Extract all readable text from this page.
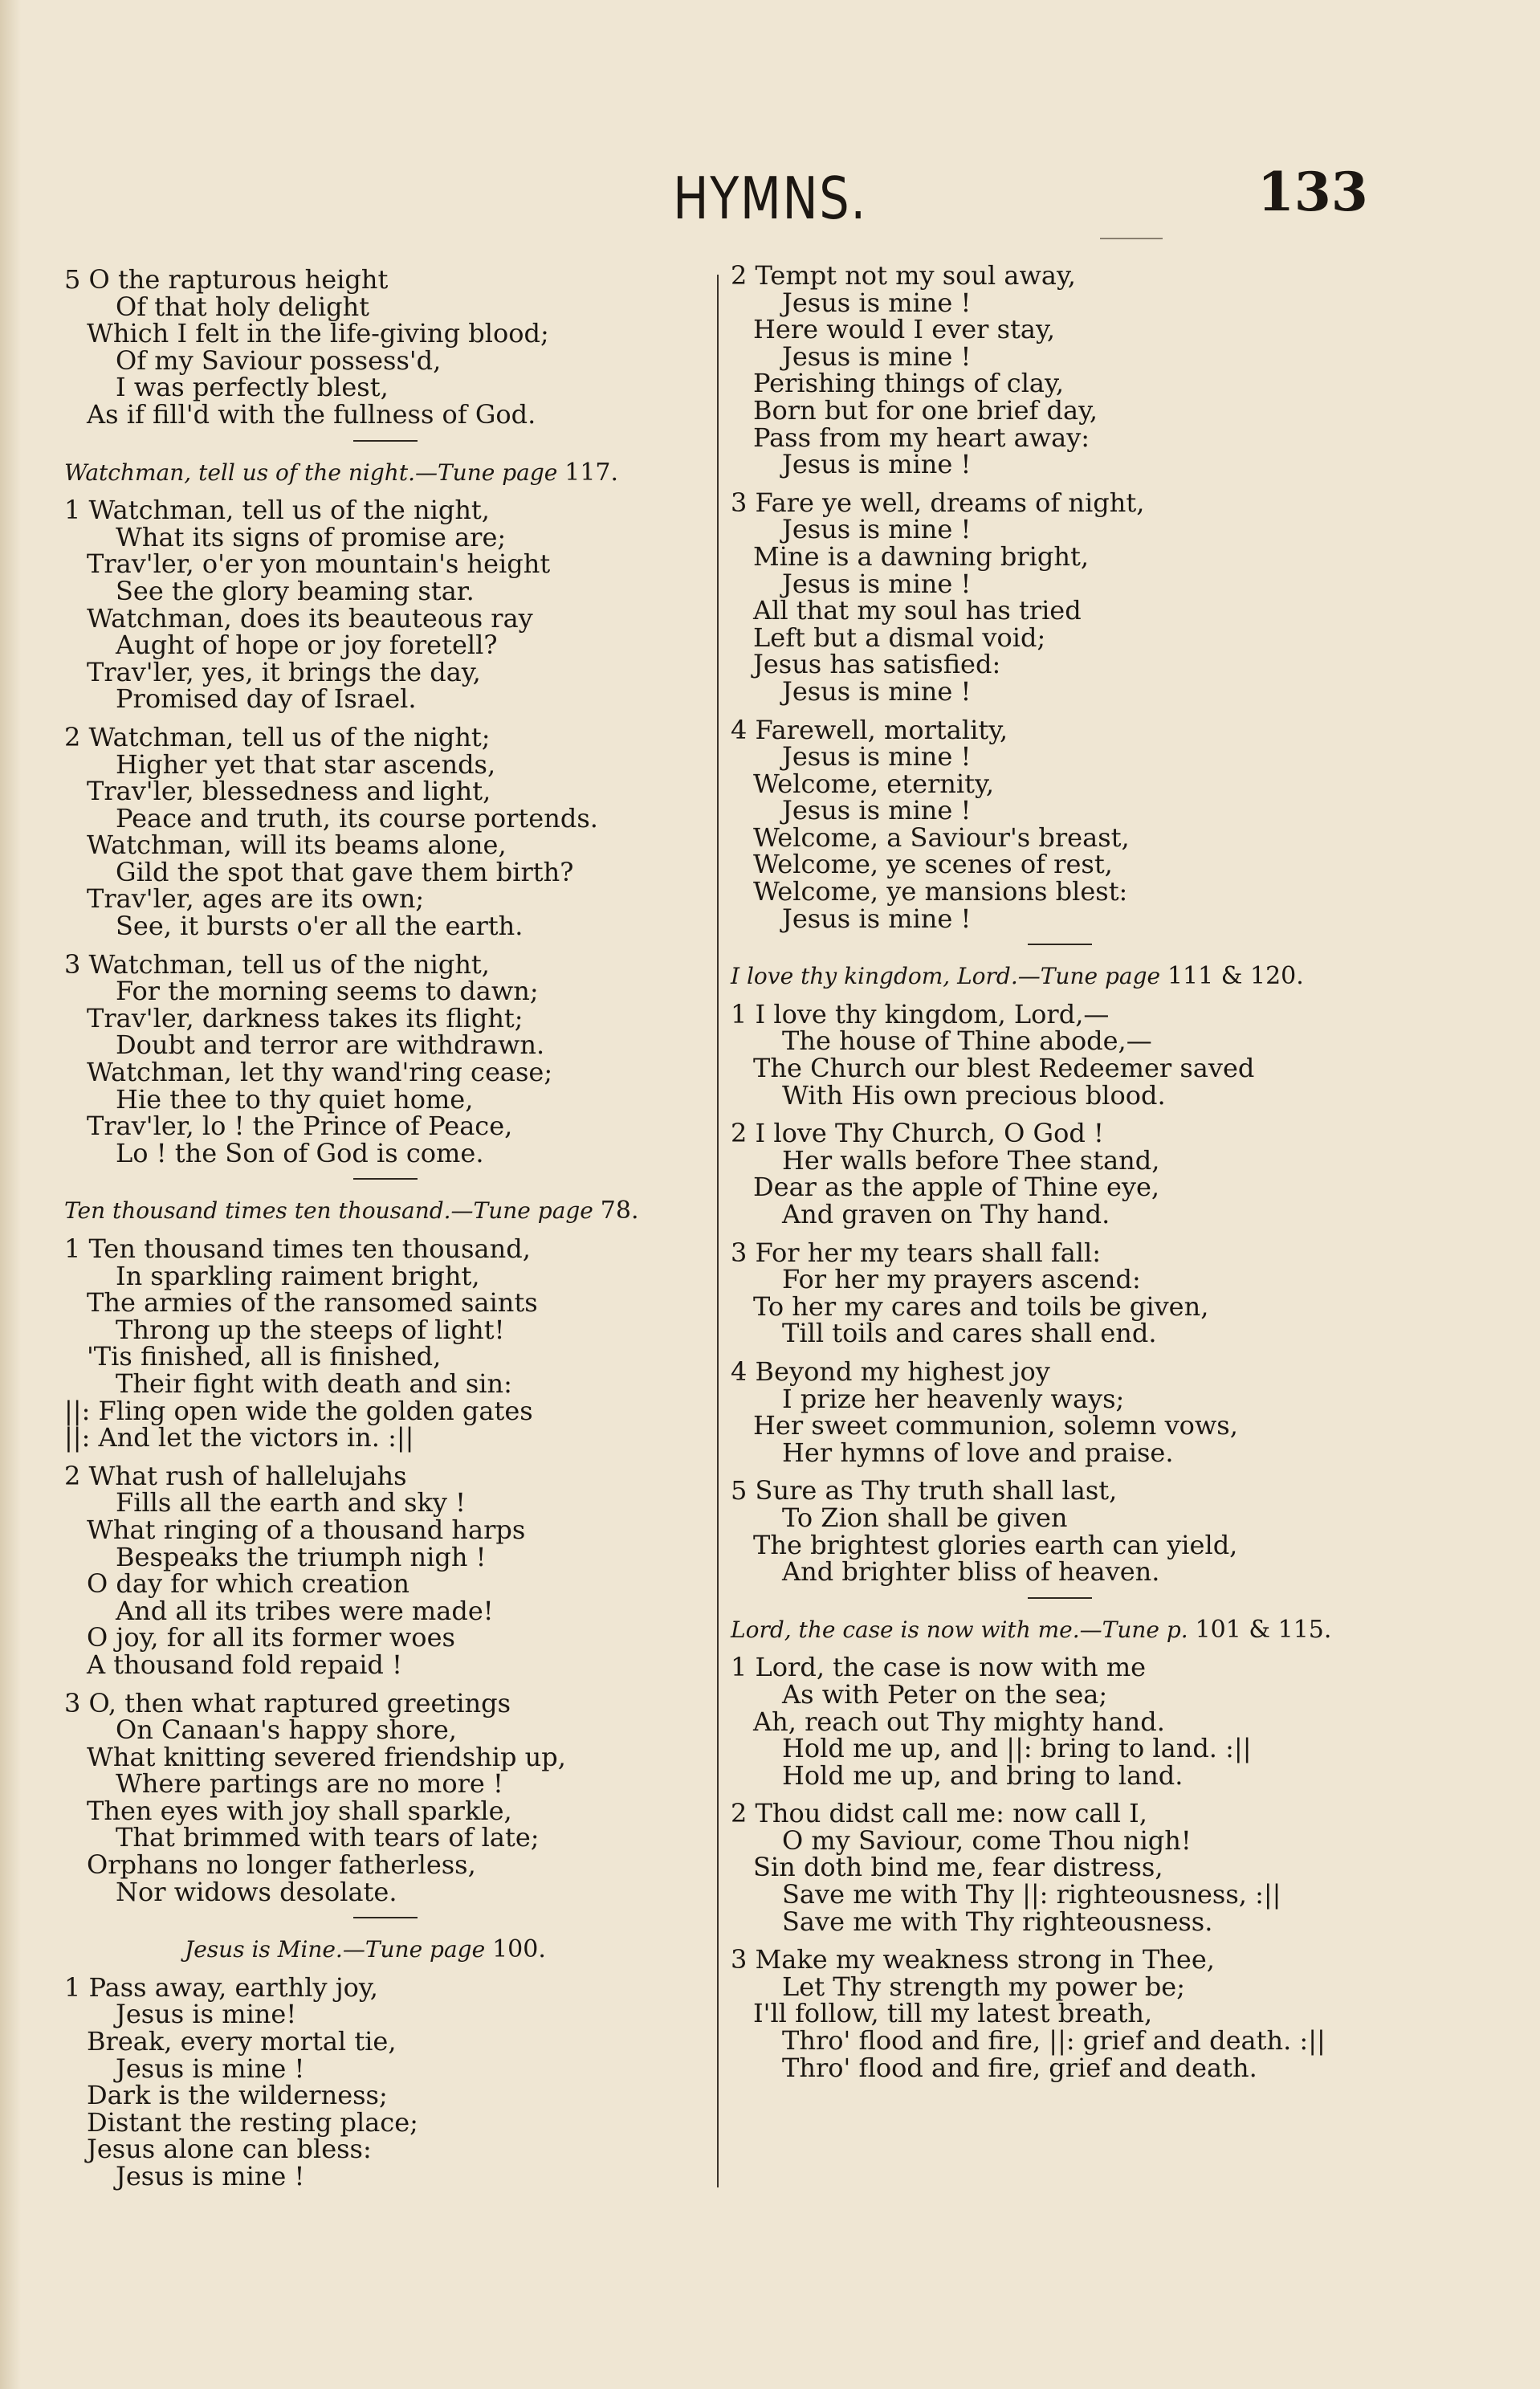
HYMNS.	133
5 O the rapturous height
Of that holy delight
Which I felt in the life-giving blood;
Of my Saviour possess'd,
I was perfectly blest,
As if fill'd with the fullness of God.
Watchman, tell us of the night.—Tune page 117.
1 Watchman, tell us of the night,
What its signs of promise are;
Trav'ler, o'er yon mountain's height
See the glory beaming star.
Watchman, does its beauteous ray
Aught of hope or joy foretell?
Trav'ler, yes, it brings the day,
Promised day of Israel.
2 Watchman, tell us of the night;
Higher yet that star ascends,
Trav'ler, blessedness and light,
Peace and truth, its course portends.
Watchman, will its beams alone,
Gild the spot that gave them birth?
Trav'ler, ages are its own;
See, it bursts o'er all the earth.
3 Watchman, tell us of the night,
For the morning seems to dawn;
Trav'ler, darkness takes its flight;
Doubt and terror are withdrawn.
Watchman, let thy wand'ring cease;
Hie thee to thy quiet home,
Trav'ler, lo ! the Prince of Peace,
Lo ! the Son of God is come.
Ten thousand times ten thousand.—Tune page 78.
1 Ten thousand times ten thousand,
In sparkling raiment bright,
The armies of the ransomed saints
Throng up the steeps of light!
'Tis finished, all is finished,
Their fight with death and sin:
||: Fling open wide the golden gates
||: And let the victors in. :||
2 What rush of hallelujahs
Fills all the earth and sky !
What ringing of a thousand harps
Bespeaks the triumph nigh !
O day for which creation
And all its tribes were made!
O joy, for all its former woes
A thousand fold repaid !
3 O, then what raptured greetings
On Canaan's happy shore,
What knitting severed friendship up,
Where partings are no more !
Then eyes with joy shall sparkle,
That brimmed with tears of late;
Orphans no longer fatherless,
Nor widows desolate.
Jesus is Mine.—Tune page 100.
1 Pass away, earthly joy,
Jesus is mine!
Break, every mortal tie,
Jesus is mine !
Dark is the wilderness;
Distant the resting place;
Jesus alone can bless:
Jesus is mine !
2 Tempt not my soul away,
Jesus is mine !
Here would I ever stay,
Jesus is mine !
Perishing things of clay,
Born but for one brief day,
Pass from my heart away:
Jesus is mine !
3 Fare ye well, dreams of night,
Jesus is mine !
Mine is a dawning bright,
Jesus is mine !
All that my soul has tried
Left but a dismal void;
Jesus has satisfied:
Jesus is mine !
4 Farewell, mortality,
Jesus is mine !
Welcome, eternity,
Jesus is mine !
Welcome, a Saviour's breast,
Welcome, ye scenes of rest,
Welcome, ye mansions blest:
Jesus is mine !
I love thy kingdom, Lord.—Tune page 111 & 120.
1 I love thy kingdom, Lord,—
The house of Thine abode,—
The Church our blest Redeemer saved
With His own precious blood.
2 I love Thy Church, O God !
Her walls before Thee stand,
Dear as the apple of Thine eye,
And graven on Thy hand.
3 For her my tears shall fall:
For her my prayers ascend:
To her my cares and toils be given,
Till toils and cares shall end.
4 Beyond my highest joy
I prize her heavenly ways;
Her sweet communion, solemn vows,
Her hymns of love and praise.
5 Sure as Thy truth shall last,
To Zion shall be given
The brightest glories earth can yield,
And brighter bliss of heaven.
Lord, the case is now with me.—Tune p. 101 & 115.
1 Lord, the case is now with me
As with Peter on the sea;
Ah, reach out Thy mighty hand.
Hold me up, and ||: bring to land. :||
Hold me up, and bring to land.
2 Thou didst call me: now call I,
O my Saviour, come Thou nigh!
Sin doth bind me, fear distress,
Save me with Thy ||: righteousness, :||
Save me with Thy righteousness.
3 Make my weakness strong in Thee,
Let Thy strength my power be;
I'll follow, till my latest breath,
Thro' flood and fire, ||: grief and death. :||
Thro' flood and fire, grief and death.
